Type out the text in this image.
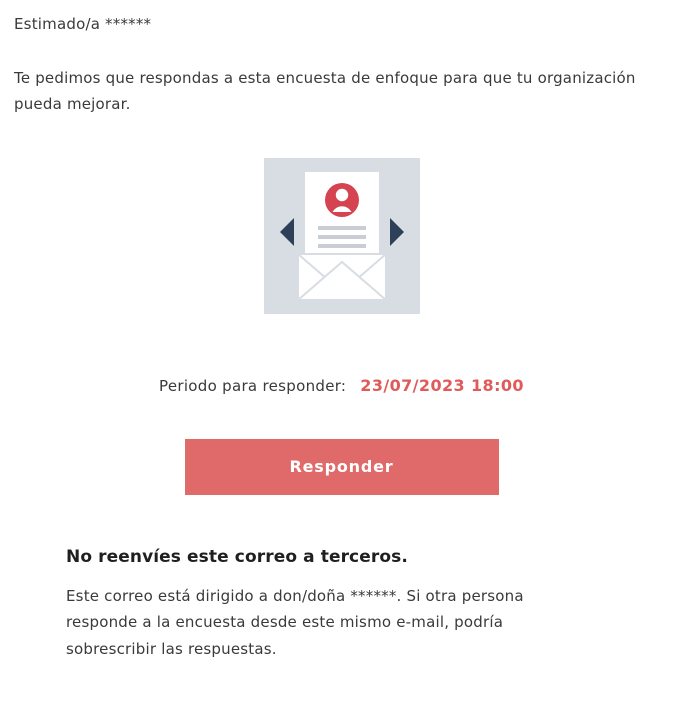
Estimado/a ******

Te pedimos que respondas a esta encuesta de enfoque para que tu organización pueda mejorar.

Periodo para responder: 23/07/2023 18:00
Responder

No reenvíes este correo a terceros.

Este correo está dirigido a don/doña ******. Si otra persona responde a la encuesta desde este mismo e-mail, podría sobrescribir las respuestas.
